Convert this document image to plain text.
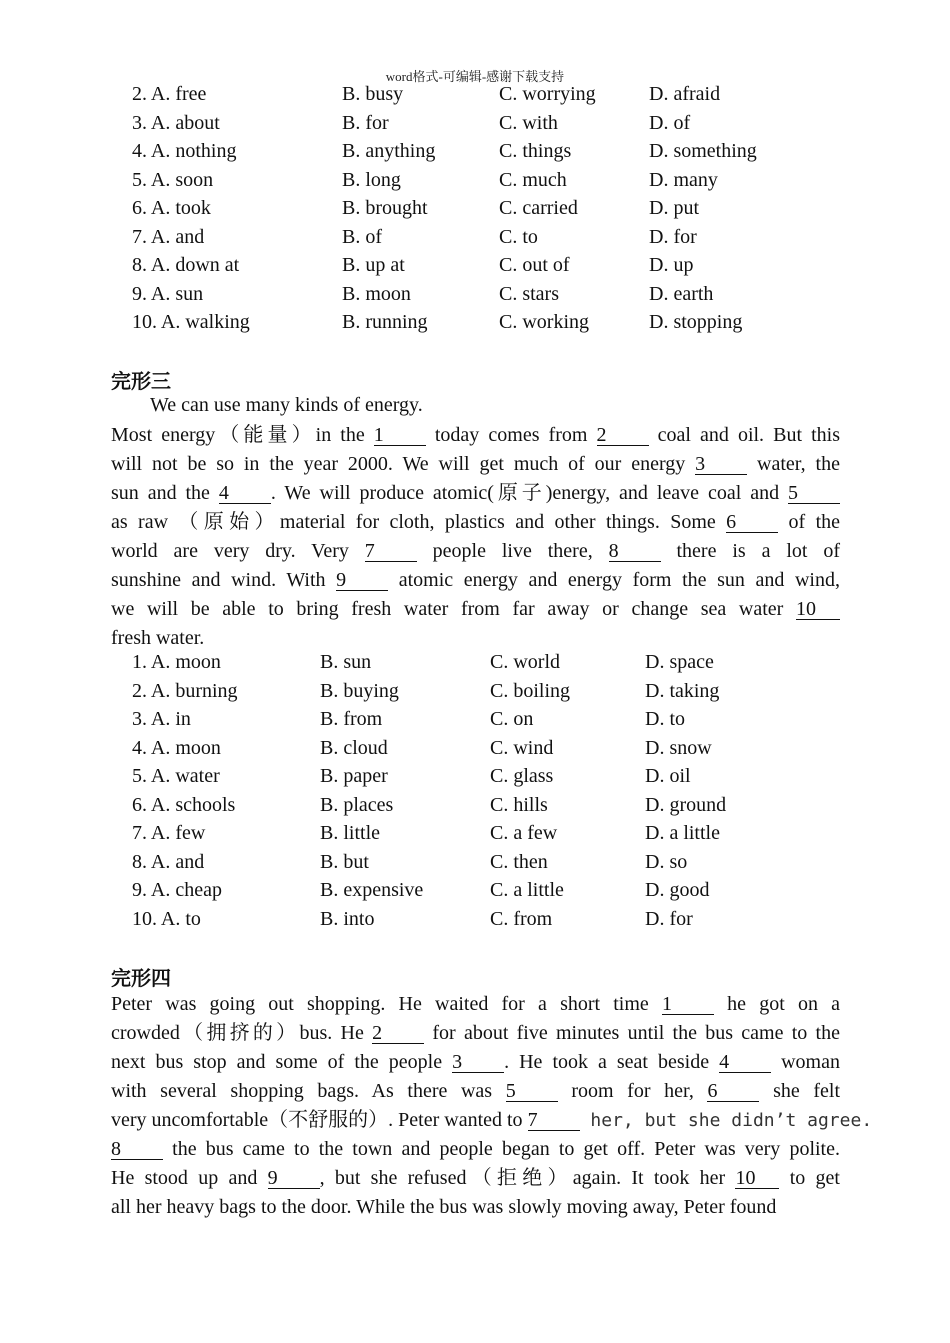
word格式-可编辑-感谢下载支持
2. A. free	B. busy	C. worrying	D. afraid
3. A. about	B. for	C. with	D. of
4. A. nothing	B. anything	C. things	D. something
5. A. soon	B. long	C. much	D. many
6. A. took	B. brought	C. carried	D. put
7. A. and	B. of	C. to	D. for
8. A. down at	B. up at	C. out of	D. up
9. A. sun	B. moon	C. stars	D. earth
10. A. walking	B. running	C. working	D. stopping
完形三
We can use many kinds of energy.
Most energy（能量）in the 1 today comes from 2 coal and oil. But this
will not be so in the year 2000. We will get much of our energy 3 water, the
sun and the 4 . We will produce atomic(原子)energy, and leave coal and 5
as raw （原始）material for cloth, plastics and other things. Some 6 of the
world are very dry. Very 7 people live there, 8 there is a lot of
sunshine and wind. With 9 atomic energy and energy form the sun and wind,
we will be able to bring fresh water from far away or change sea water 10
fresh water.
1. A. moon	B. sun	C. world	D. space
2. A. burning	B. buying	C. boiling	D. taking
3. A. in	B. from	C. on	D. to
4. A. moon	B. cloud	C. wind	D. snow
5. A. water	B. paper	C. glass	D. oil
6. A. schools	B. places	C. hills	D. ground
7. A. few	B. little	C. a few	D. a little
8. A. and	B. but	C. then	D. so
9. A. cheap	B. expensive	C. a little	D. good
10. A. to	B. into	C. from	D. for
完形四
Peter was going out shopping. He waited for a short time 1 he got on a
crowded（拥挤的）bus. He 2 for about five minutes until the bus came to the
next bus stop and some of the people 3 . He took a seat beside 4 woman
with several shopping bags. As there was 5 room for her, 6 she felt
very uncomfortable（不舒服的）. Peter wanted to 7 her, but she didn’t agree.
8 the bus came to the town and people began to get off. Peter was very polite.
He stood up and 9 , but she refused（拒绝）again. It took her 10 to get
all her heavy bags to the door. While the bus was slowly moving away, Peter found
